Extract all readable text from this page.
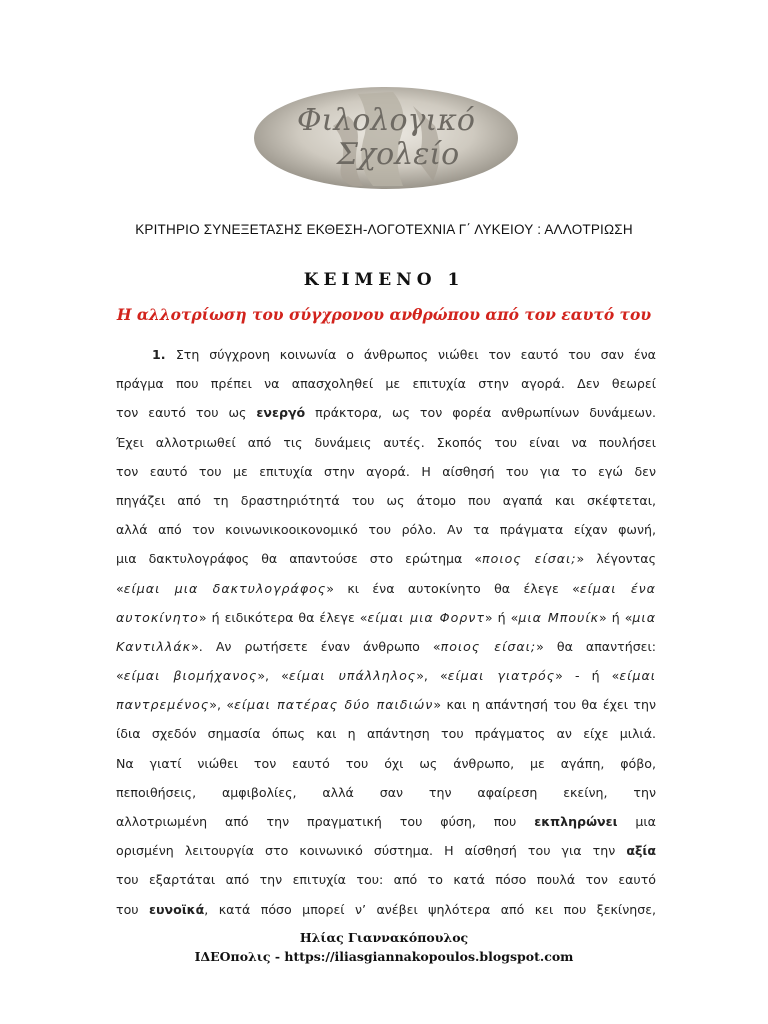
Φιλολογικό
Σχολείο
ΚΡΙΤΗΡΙΟ ΣΥΝΕΞΕΤΑΣΗΣ ΕΚΘΕΣΗ-ΛΟΓΟΤΕΧΝΙΑ Γ΄ ΛΥΚΕΙΟΥ : ΑΛΛΟΤΡΙΩΣΗ
ΚΕΙΜΕΝΟ 1
Η αλλοτρίωση του σύγχρονου ανθρώπου από τον εαυτό του
1. Στη σύγχρονη κοινωνία ο άνθρωπος νιώθει τον εαυτό του σαν ένα
πράγμα που πρέπει να απασχοληθεί με επιτυχία στην αγορά. Δεν θεωρεί
τον εαυτό του ως ενεργό πράκτορα, ως τον φορέα ανθρωπίνων δυνάμεων.
Έχει αλλοτριωθεί από τις δυνάμεις αυτές. Σκοπός του είναι να πουλήσει
τον εαυτό του με επιτυχία στην αγορά. Η αίσθησή του για το εγώ δεν
πηγάζει από τη δραστηριότητά του ως άτομο που αγαπά και σκέφτεται,
αλλά από τον κοινωνικοοικονομικό του ρόλο. Αν τα πράγματα είχαν φωνή,
μια δακτυλογράφος θα απαντούσε στο ερώτημα «ποιος είσαι;» λέγοντας
«είμαι μια δακτυλογράφος» κι ένα αυτοκίνητο θα έλεγε «είμαι ένα
αυτοκίνητο» ή ειδικότερα θα έλεγε «είμαι μια Φορντ» ή «μια Μπουίκ» ή «μια
Καντιλλάκ». Αν ρωτήσετε έναν άνθρωπο «ποιος είσαι;» θα απαντήσει:
«είμαι βιομήχανος», «είμαι υπάλληλος», «είμαι γιατρός» - ή «είμαι
παντρεμένος», «είμαι πατέρας δύο παιδιών» και η απάντησή του θα έχει την
ίδια σχεδόν σημασία όπως και η απάντηση του πράγματος αν είχε μιλιά.
Να γιατί νιώθει τον εαυτό του όχι ως άνθρωπο, με αγάπη, φόβο,
πεποιθήσεις, αμφιβολίες, αλλά σαν την αφαίρεση εκείνη, την
αλλοτριωμένη από την πραγματική του φύση, που εκπληρώνει μια
ορισμένη λειτουργία στο κοινωνικό σύστημα. Η αίσθησή του για την αξία
του εξαρτάται από την επιτυχία του: από το κατά πόσο πουλά τον εαυτό
του ευνοϊκά, κατά πόσο μπορεί ν’ ανέβει ψηλότερα από κει που ξεκίνησε,
Ηλίας Γιαννακόπουλος
ΙΔΕΟπολις - https://iliasgiannakopoulos.blogspot.com
